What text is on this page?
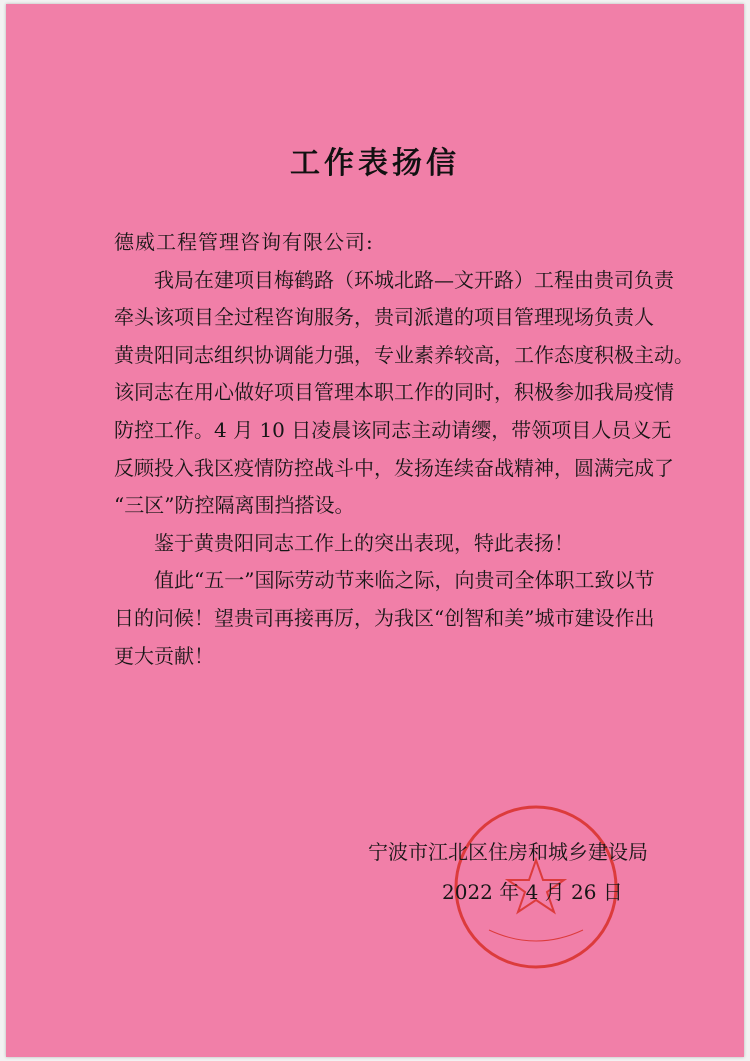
工作表扬信
德威工程管理咨询有限公司:
我局在建项目梅鹤路（环城北路—文开路）工程由贵司负责
牵头该项目全过程咨询服务，贵司派遣的项目管理现场负责人
黄贵阳同志组织协调能力强，专业素养较高，工作态度积极主动。
该同志在用心做好项目管理本职工作的同时，积极参加我局疫情
防控工作。4 月 10 日凌晨该同志主动请缨，带领项目人员义无
反顾投入我区疫情防控战斗中，发扬连续奋战精神，圆满完成了
“三区”防控隔离围挡搭设。
鉴于黄贵阳同志工作上的突出表现，特此表扬！
值此“五一”国际劳动节来临之际，向贵司全体职工致以节
日的问候！望贵司再接再厉，为我区“创智和美”城市建设作出
更大贡献！
宁波市江北区住房和城乡建设局
2022 年 4 月 26 日
